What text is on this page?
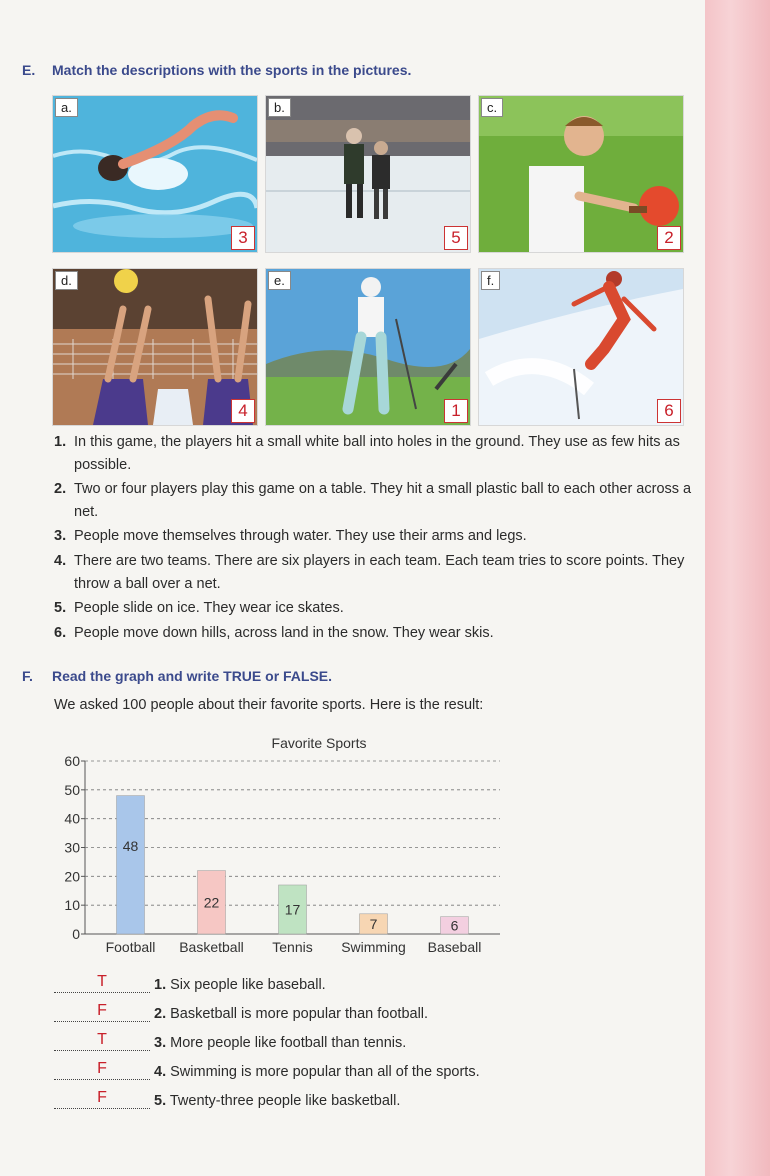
E. Match the descriptions with the sports in the pictures.
a.
3
b.
5
c.
2
d.
4
e.
1
f.
6
1. In this game, the players hit a small white ball into holes in the ground. They use as few hits as possible.
2. Two or four players play this game on a table. They hit a small plastic ball to each other across a net.
3. People move themselves through water. They use their arms and legs.
4. There are two teams. There are six players in each team. Each team tries to score points. They throw a ball over a net.
5. People slide on ice. They wear ice skates.
6. People move down hills, across land in the snow. They wear skis.
F. Read the graph and write TRUE or FALSE.
We asked 100 people about their favorite sports. Here is the result:
Favorite Sports
0
10
20
30
40
50
60
48
Football
22
Basketball
17
Tennis
7
Swimming
6
Baseball
T	1. Six people like baseball.
F	2. Basketball is more popular than football.
T	3. More people like football than tennis.
F	4. Swimming is more popular than all of the sports.
F	5. Twenty-three people like basketball.
